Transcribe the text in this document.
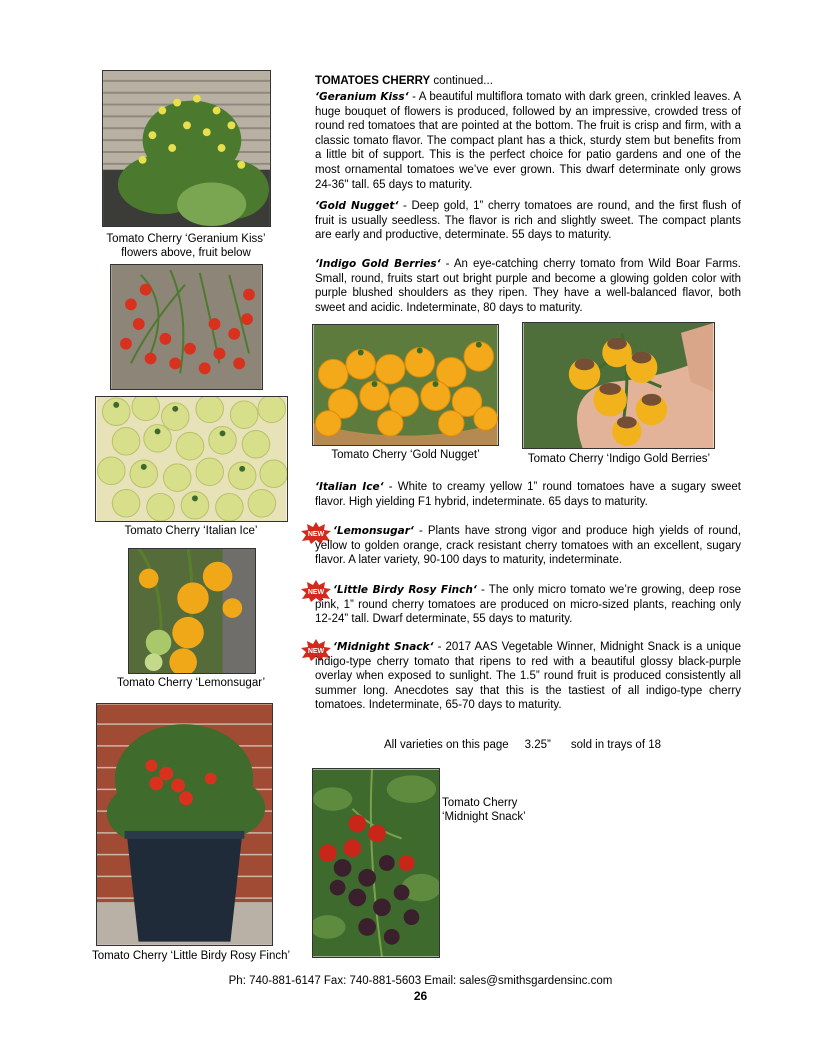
Tomato Cherry ‘Geranium Kiss’
flowers above, fruit below
Tomato Cherry ‘Italian Ice’
Tomato Cherry ‘Lemonsugar’
Tomato Cherry ‘Little Birdy Rosy Finch’
TOMATOES CHERRY continued...
‘Geranium Kiss‘ - A beautiful multiflora tomato with dark green, crinkled leaves. A huge bouquet of flowers is produced, followed by an impressive, crowded tress of round red tomatoes that are pointed at the bottom. The fruit is crisp and firm, with a classic tomato flavor. The compact plant has a thick, sturdy stem but benefits from a little bit of support. This is the perfect choice for patio gardens and one of the most ornamental tomatoes we’ve ever grown. This dwarf determinate only grows 24-36" tall. 65 days to maturity.
‘Gold Nugget‘ - Deep gold, 1” cherry tomatoes are round, and the first flush of fruit is usually seedless. The flavor is rich and slightly sweet. The compact plants are early and productive, determinate. 55 days to maturity.
‘Indigo Gold Berries‘ - An eye-catching cherry tomato from Wild Boar Farms. Small, round, fruits start out bright purple and become a glowing golden color with purple blushed shoulders as they ripen. They have a well-balanced flavor, both sweet and acidic. Indeterminate, 80 days to maturity.
Tomato Cherry ‘Gold Nugget’	Tomato Cherry ‘Indigo Gold Berries’
‘Italian Ice‘ - White to creamy yellow 1” round tomatoes have a sugary sweet flavor. High yielding F1 hybrid, indeterminate. 65 days to maturity.
NEW ‘Lemonsugar‘ - Plants have strong vigor and produce high yields of round, yellow to golden orange, crack resistant cherry tomatoes with an excellent, sugary flavor. A later variety, 90-100 days to maturity, indeterminate.
NEW ‘Little Birdy Rosy Finch‘ - The only micro tomato we’re growing, deep rose pink, 1” round cherry tomatoes are produced on micro-sized plants, reaching only 12-24” tall. Dwarf determinate, 55 days to maturity.
NEW ‘Midnight Snack‘ - 2017 AAS Vegetable Winner, Midnight Snack is a unique indigo-type cherry tomato that ripens to red with a beautiful glossy black-purple overlay when exposed to sunlight. The 1.5” round fruit is produced consistently all summer long. Anecdotes say that this is the tastiest of all indigo-type cherry tomatoes. Indeterminate, 65-70 days to maturity.
All varieties on this page 3.25” sold in trays of 18
Tomato Cherry
‘Midnight Snack’
Ph: 740-881-6147 Fax: 740-881-5603 Email: sales@smithsgardensinc.com
26
